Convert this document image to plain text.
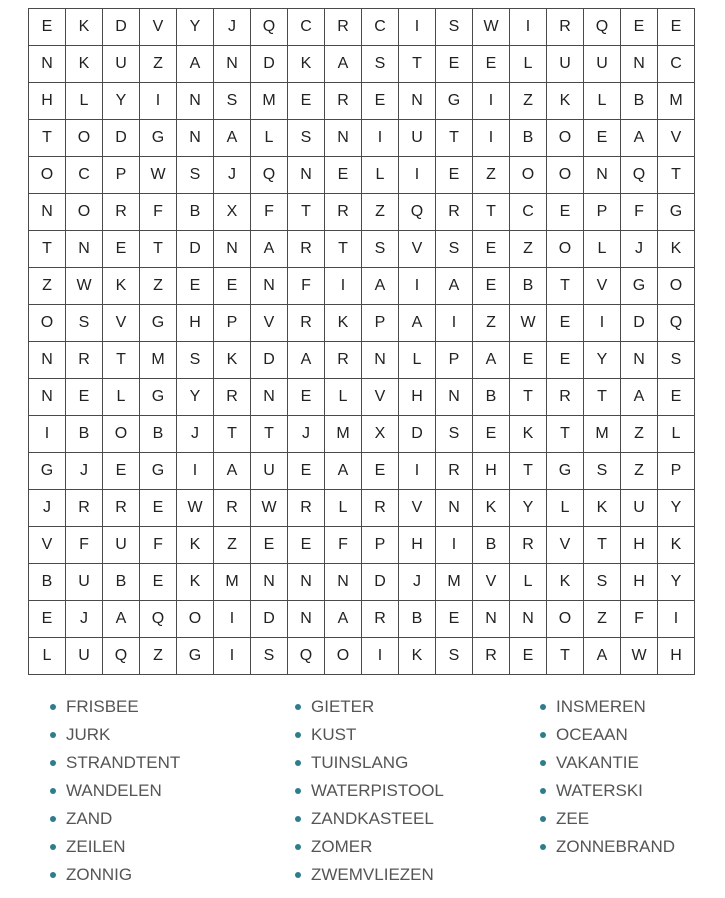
E	K	D	V	Y	J	Q	C	R	C	I	S	W	I	R	Q	E	E
N	K	U	Z	A	N	D	K	A	S	T	E	E	L	U	U	N	C
H	L	Y	I	N	S	M	E	R	E	N	G	I	Z	K	L	B	M
T	O	D	G	N	A	L	S	N	I	U	T	I	B	O	E	A	V
O	C	P	W	S	J	Q	N	E	L	I	E	Z	O	O	N	Q	T
N	O	R	F	B	X	F	T	R	Z	Q	R	T	C	E	P	F	G
T	N	E	T	D	N	A	R	T	S	V	S	E	Z	O	L	J	K
Z	W	K	Z	E	E	N	F	I	A	I	A	E	B	T	V	G	O
O	S	V	G	H	P	V	R	K	P	A	I	Z	W	E	I	D	Q
N	R	T	M	S	K	D	A	R	N	L	P	A	E	E	Y	N	S
N	E	L	G	Y	R	N	E	L	V	H	N	B	T	R	T	A	E
I	B	O	B	J	T	T	J	M	X	D	S	E	K	T	M	Z	L
G	J	E	G	I	A	U	E	A	E	I	R	H	T	G	S	Z	P
J	R	R	E	W	R	W	R	L	R	V	N	K	Y	L	K	U	Y
V	F	U	F	K	Z	E	E	F	P	H	I	B	R	V	T	H	K
B	U	B	E	K	M	N	N	N	D	J	M	V	L	K	S	H	Y
E	J	A	Q	O	I	D	N	A	R	B	E	N	N	O	Z	F	I
L	U	Q	Z	G	I	S	Q	O	I	K	S	R	E	T	A	W	H
FRISBEE	GIETER	INSMEREN
JURK	KUST	OCEAAN
STRANDTENT	TUINSLANG	VAKANTIE
WANDELEN	WATERPISTOOL	WATERSKI
ZAND	ZANDKASTEEL	ZEE
ZEILEN	ZOMER	ZONNEBRAND
ZONNIG	ZWEMVLIEZEN
